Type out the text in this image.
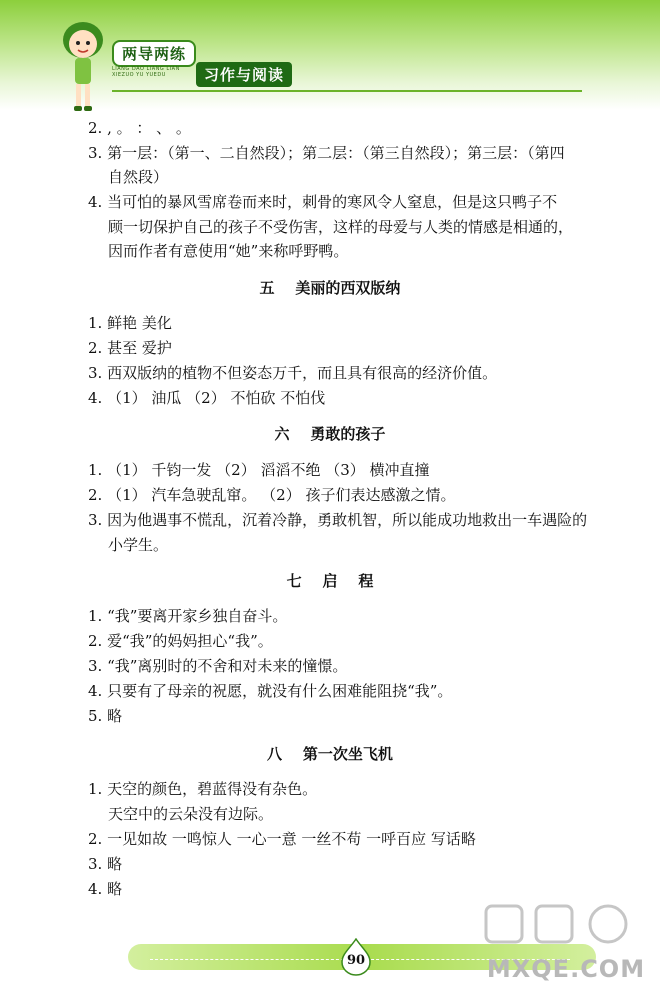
两导两练
LIANG DAO LIANG LIAN XIEZUO YU YUEDU	习作与阅读
2. , 。 ： 、 。
3. 第一层：（第一、二自然段）；第二层：（第三自然段）；第三层：（第四
自然段）
4. 当可怕的暴风雪席卷而来时，刺骨的寒风令人窒息，但是这只鸭子不
顾一切保护自己的孩子不受伤害，这样的母爱与人类的情感是相通的，
因而作者有意使用“她”来称呼野鸭。
1. 鲜艳 美化
2. 甚至 爱护
3. 西双版纳的植物不但姿态万千，而且具有很高的经济价值。
4. （1） 油瓜 （2） 不怕砍 不怕伐
1. （1） 千钧一发 （2） 滔滔不绝 （3） 横冲直撞
2. （1） 汽车急驶乱窜。 （2） 孩子们表达感激之情。
3. 因为他遇事不慌乱，沉着冷静，勇敢机智，所以能成功地救出一车遇险的
小学生。
1. “我”要离开家乡独自奋斗。
2. 爱“我”的妈妈担心“我”。
3. “我”离别时的不舍和对未来的憧憬。
4. 只要有了母亲的祝愿，就没有什么困难能阻挠“我”。
5. 略
1. 天空的颜色，碧蓝得没有杂色。
天空中的云朵没有边际。
2. 一见如故 一鸣惊人 一心一意 一丝不苟 一呼百应 写话略
3. 略
4. 略
五    美丽的西双版纳
六    勇敢的孩子
七    启    程
八    第一次坐飞机
90	MXQE.COM
